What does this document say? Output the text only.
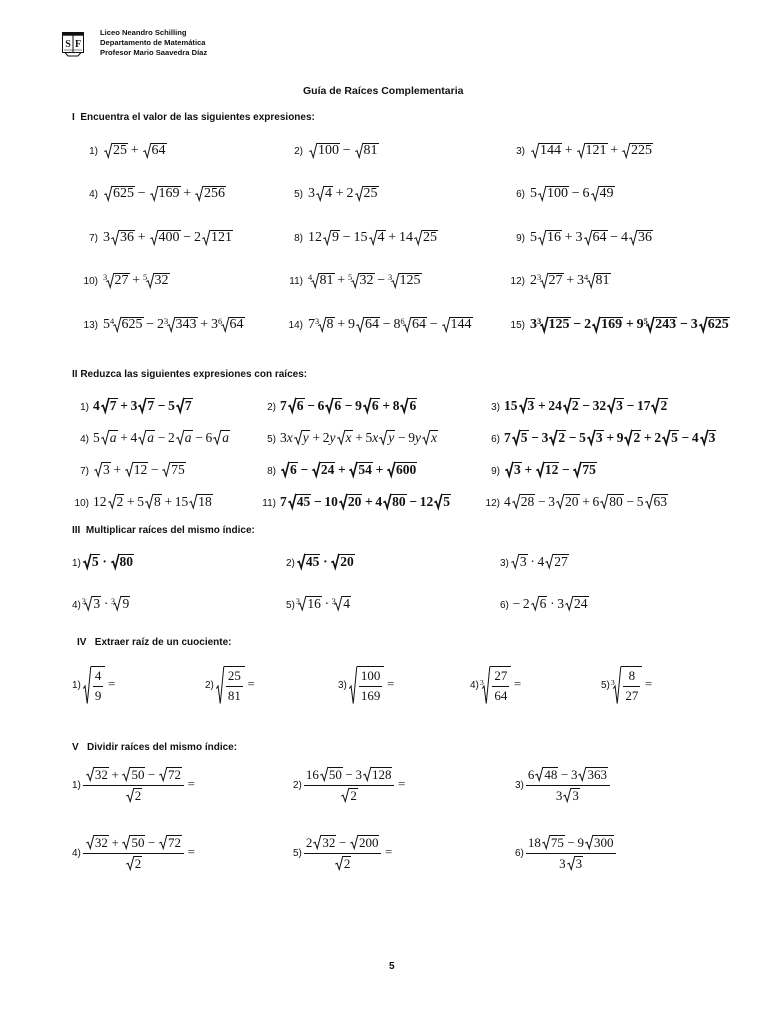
S F
Liceo Neandro Schilling
Departamento de Matemática
Profesor Mario Saavedra Díaz
Guía de Raíces Complementaria
I  Encuentra el valor de las siguientes expresiones:
1) 25 + 64	2) 100 − 81	3) 144 + 121 + 225
4) 625 − 169 + 256	5) 3 4 + 2 25	6) 5 100 − 6 49
7) 3 36 + 400 − 2 121	8) 12 9 − 15 4 + 14 25	9) 5 16 + 3 64 − 4 36
10) $^3$ 27 + $^5$ 32	11) $^4$ 81 + $^5$ 32 − $^3$ 125	12) $2^3$ $27 + 3^4$ 81
13) $5^4$ $625 - 2^3$ $343 + 3^6$ 64	14) $7^3$ 8 + 9 $64 - 8^6$ 64 − 144	15) $3^3$ 125 − 2 $169 + 9^5$ 243 − 3 625
II Reduzca las siguientes expresiones con raíces:
1) 4 7 + 3 7 − 5 7	2) 7 6 − 6 6 − 9 6 + 8 6	3) 15 3 + 24 2 − 32 3 − 17 2
4) 5 a + 4 a − 2 a − 6 a	5) 3x y + 2y x + 5x y − 9y x	6) 7 5 − 3 2 − 5 3 + 9 2 + 2 5 − 4 3
7) 3 + 12 − 75	8) 6 − 24 + 54 + 600	9) 3 + 12 − 75
10) 12 2 + 5 8 + 15 18	11) 7 45 − 10 20 + 4 80 − 12 5	12) 4 28 − 3 20 + 6 80 − 5 63
III  Multiplicar raíces del mismo índice:
1) 5 · 80	2) 45 · 20	3) 3 · 4 27
4)$^3$ 3 · $^3$ 9	5)$^3$ 16 · $^3$ 4	6) − 2 6 · 3 24
IV   Extraer raíz de un cuociente:
$1) \frac{4}{9}$ =	$2) \frac{25}{81}$ =	$3) \frac{100}{169}$ =	$4)^3 \frac{27}{64}$ =	$5)^3 \frac{8}{27}$ =
V   Dividir raíces del mismo índice:
$1) \frac{32 + 50 - 72}{2}$ =	$2) \frac{16 50 - 3 128}{2}$ =	$3) \frac{6 48 - 3 363}{3 3}$
$4) \frac{32 + 50 - 72}{2}$ =	$5) \frac{2 32 - 200}{2}$ =	$6) \frac{18 75 - 9 300}{3 3}$
5
